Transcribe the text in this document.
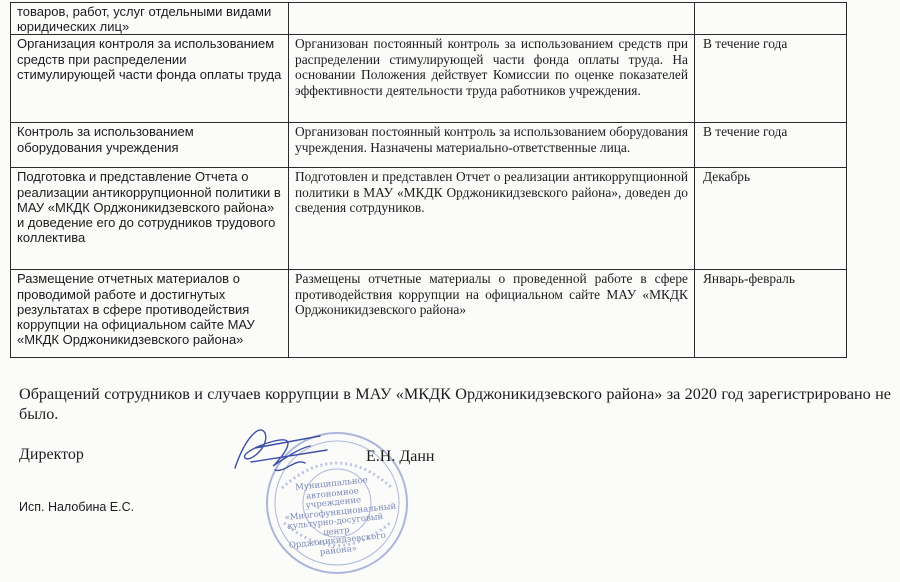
товаров, работ, услуг отдельными видами юридических лиц»		
Организация контроля за использованием средств при распределении стимулирующей части фонда оплаты труда	Организован постоянный контроль за использованием средств при распределении стимулирующей части фонда оплаты труда. На основании Положения действует Комиссии по оценке показателей эффективности деятельности труда работников учреждения.	В течение года
Контроль за использованием оборудования учреждения	Организован постоянный контроль за использованием оборудования учреждения. Назначены материально-ответственные лица.	В течение года
Подготовка и представление Отчета о реализации антикоррупционной политики в МАУ «МКДК Орджоникидзевского района» и доведение его до сотрудников трудового коллектива	Подготовлен и представлен Отчет о реализации антикоррупционной политики в МАУ «МКДК Орджоникидзевского района», доведен до сведения сотрдуников.	Декабрь
Размещение отчетных материалов о проводимой работе и достигнутых результатах в сфере противодействия коррупции на официальном сайте МАУ «МКДК Орджоникидзевского района»	Размещены отчетные материалы о проведенной работе в сфере противодействия коррупции на официальном сайте МАУ «МКДК Орджоникидзевского района»	Январь-февраль
Обращений сотрудников и случаев коррупции в МАУ «МКДК Орджоникидзевского района» за 2020 год зарегистрировано не было.
Директор
Муниципальное автономное учреждение «Многофункциональный культурно-досуговый центр Орджоникидзевского района»
Е.Н. Данн
Исп. Налобина Е.С.
